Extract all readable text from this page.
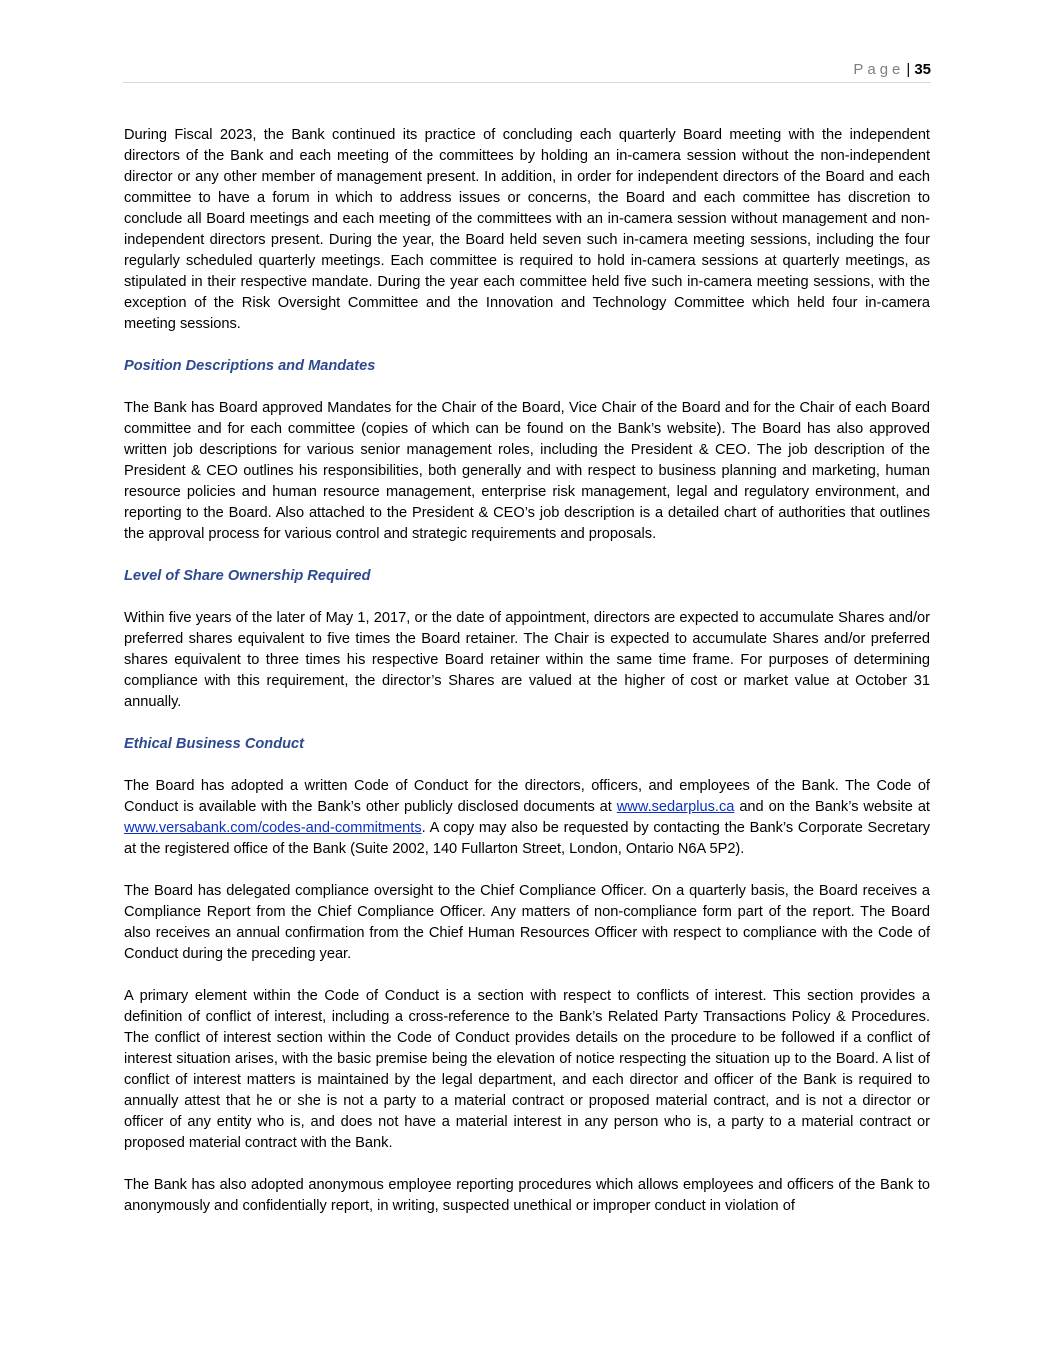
Page | 35

During Fiscal 2023, the Bank continued its practice of concluding each quarterly Board meeting with the independent directors of the Bank and each meeting of the committees by holding an in-camera session without the non-independent director or any other member of management present. In addition, in order for independent directors of the Board and each committee to have a forum in which to address issues or concerns, the Board and each committee has discretion to conclude all Board meetings and each meeting of the committees with an in-camera session without management and non-independent directors present. During the year, the Board held seven such in-camera meeting sessions, including the four regularly scheduled quarterly meetings. Each committee is required to hold in-camera sessions at quarterly meetings, as stipulated in their respective mandate. During the year each committee held five such in-camera meeting sessions, with the exception of the Risk Oversight Committee and the Innovation and Technology Committee which held four in-camera meeting sessions.

Position Descriptions and Mandates

The Bank has Board approved Mandates for the Chair of the Board, Vice Chair of the Board and for the Chair of each Board committee and for each committee (copies of which can be found on the Bank’s website). The Board has also approved written job descriptions for various senior management roles, including the President & CEO. The job description of the President & CEO outlines his responsibilities, both generally and with respect to business planning and marketing, human resource policies and human resource management, enterprise risk management, legal and regulatory environment, and reporting to the Board. Also attached to the President & CEO’s job description is a detailed chart of authorities that outlines the approval process for various control and strategic requirements and proposals.

Level of Share Ownership Required

Within five years of the later of May 1, 2017, or the date of appointment, directors are expected to accumulate Shares and/or preferred shares equivalent to five times the Board retainer. The Chair is expected to accumulate Shares and/or preferred shares equivalent to three times his respective Board retainer within the same time frame. For purposes of determining compliance with this requirement, the director’s Shares are valued at the higher of cost or market value at October 31 annually.

Ethical Business Conduct

The Board has adopted a written Code of Conduct for the directors, officers, and employees of the Bank. The Code of Conduct is available with the Bank’s other publicly disclosed documents at www.sedarplus.ca and on the Bank’s website at www.versabank.com/codes-and-commitments. A copy may also be requested by contacting the Bank’s Corporate Secretary at the registered office of the Bank (Suite 2002, 140 Fullarton Street, London, Ontario N6A 5P2).

The Board has delegated compliance oversight to the Chief Compliance Officer. On a quarterly basis, the Board receives a Compliance Report from the Chief Compliance Officer. Any matters of non-compliance form part of the report. The Board also receives an annual confirmation from the Chief Human Resources Officer with respect to compliance with the Code of Conduct during the preceding year.

A primary element within the Code of Conduct is a section with respect to conflicts of interest. This section provides a definition of conflict of interest, including a cross-reference to the Bank’s Related Party Transactions Policy & Procedures. The conflict of interest section within the Code of Conduct provides details on the procedure to be followed if a conflict of interest situation arises, with the basic premise being the elevation of notice respecting the situation up to the Board. A list of conflict of interest matters is maintained by the legal department, and each director and officer of the Bank is required to annually attest that he or she is not a party to a material contract or proposed material contract, and is not a director or officer of any entity who is, and does not have a material interest in any person who is, a party to a material contract or proposed material contract with the Bank.

The Bank has also adopted anonymous employee reporting procedures which allows employees and officers of the Bank to anonymously and confidentially report, in writing, suspected unethical or improper conduct in violation of
